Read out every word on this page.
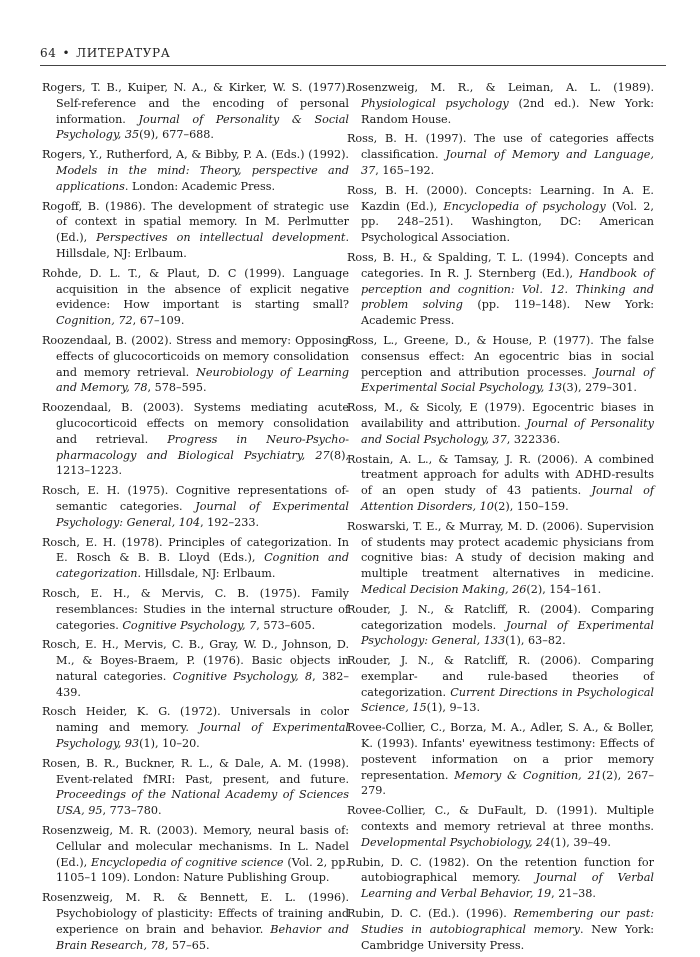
64 • ЛИТЕРАТУРА

Rogers, T. B., Kuiper, N. A., & Kirker, W. S. (1977). Self-reference and the encoding of personal information. Journal of Personality & Social Psychology, 35(9), 677–688.

Rogers, Y., Rutherford, A, & Bibby, P. A. (Eds.) (1992). Models in the mind: Theory, perspective and applications. London: Academic Press.

Rogoff, B. (1986). The development of strategic use of context in spatial memory. In M. Perlmutter (Ed.), Perspectives on intellectual development. Hillsdale, NJ: Erlbaum.

Rohde, D. L. T., & Plaut, D. C (1999). Language acquisition in the absence of explicit negative evidence: How important is starting small? Cognition, 72, 67–109.

Roozendaal, B. (2002). Stress and memory: Opposing effects of glucocorticoids on memory consolidation and memory retrieval. Neurobiology of Learning and Memory, 78, 578–595.

Roozendaal, B. (2003). Systems mediating acute glucocorticoid effects on memory consolidation and retrieval. Progress in Neuro-Psycho-pharmacology and Biological Psychiatry, 27(8), 1213–1223.

Rosch, E. H. (1975). Cognitive representations of-semantic categories. Journal of Experimental Psychology: General, 104, 192–233.

Rosch, E. H. (1978). Principles of categorization. In E. Rosch & B. B. Lloyd (Eds.), Cognition and categorization. Hillsdale, NJ: Erlbaum.

Rosch, E. H., & Mervis, C. B. (1975). Family resemblances: Studies in the internal structure of categories. Cognitive Psychology, 7, 573–605.

Rosch, E. H., Mervis, C. B., Gray, W. D., Johnson, D. M., & Boyes-Braem, P. (1976). Basic objects in natural categories. Cognitive Psychology, 8, 382–439.

Rosch Heider, K. G. (1972). Universals in color naming and memory. Journal of Experimental Psychology, 93(1), 10–20.

Rosen, B. R., Buckner, R. L., & Dale, A. M. (1998). Event-related fMRI: Past, present, and future. Proceedings of the National Academy of Sciences USA, 95, 773–780.

Rosenzweig, M. R. (2003). Memory, neural basis of: Cellular and molecular mechanisms. In L. Nadel (Ed.), Encyclopedia of cognitive science (Vol. 2, pp. 1105–1 109). London: Nature Publishing Group.

Rosenzweig, M. R. & Bennett, E. L. (1996). Psychobiology of plasticity: Effects of training and experience on brain and behavior. Behavior and Brain Research, 78, 57–65.

Rosenzweig, M. R., & Leiman, A. L. (1989). Physiological psychology (2nd ed.). New York: Random House.

Ross, B. H. (1997). The use of categories affects classification. Journal of Memory and Language, 37, 165–192.

Ross, B. H. (2000). Concepts: Learning. In A. E. Kazdin (Ed.), Encyclopedia of psychology (Vol. 2, pp. 248–251). Washington, DC: American Psychological Association.

Ross, B. H., & Spalding, T. L. (1994). Concepts and categories. In R. J. Sternberg (Ed.), Handbook of perception and cognition: Vol. 12. Thinking and problem solving (pp. 119–148). New York: Academic Press.

Ross, L., Greene, D., & House, P. (1977). The false consensus effect: An egocentric bias in social perception and attribution processes. Journal of Experimental Social Psychology, 13(3), 279–301.

Ross, M., & Sicoly, E (1979). Egocentric biases in availability and attribution. Journal of Personality and Social Psychology, 37, 322336.

Rostain, A. L., & Tamsay, J. R. (2006). A combined treatment approach for adults with ADHD-results of an open study of 43 patients. Journal of Attention Disorders, 10(2), 150–159.

Roswarski, T. E., & Murray, M. D. (2006). Supervision of students may protect academic physicians from cognitive bias: A study of decision making and multiple treatment alternatives in medicine. Medical Decision Making, 26(2), 154–161.

Rouder, J. N., & Ratcliff, R. (2004). Comparing categorization models. Journal of Experimental Psychology: General, 133(1), 63–82.

Rouder, J. N., & Ratcliff, R. (2006). Comparing exemplar- and rule-based theories of categorization. Current Directions in Psychological Science, 15(1), 9–13.

Rovee-Collier, C., Borza, M. A., Adler, S. A., & Boller, K. (1993). Infants' eyewitness testimony: Effects of postevent information on a prior memory representation. Memory & Cognition, 21(2), 267–279.

Rovee-Collier, C., & DuFault, D. (1991). Multiple contexts and memory retrieval at three months. Developmental Psychobiology, 24(1), 39–49.

Rubin, D. C. (1982). On the retention function for autobiographical memory. Journal of Verbal Learning and Verbal Behavior, 19, 21–38.

Rubin, D. C. (Ed.). (1996). Remembering our past: Studies in autobiographical memory. New York: Cambridge University Press.
